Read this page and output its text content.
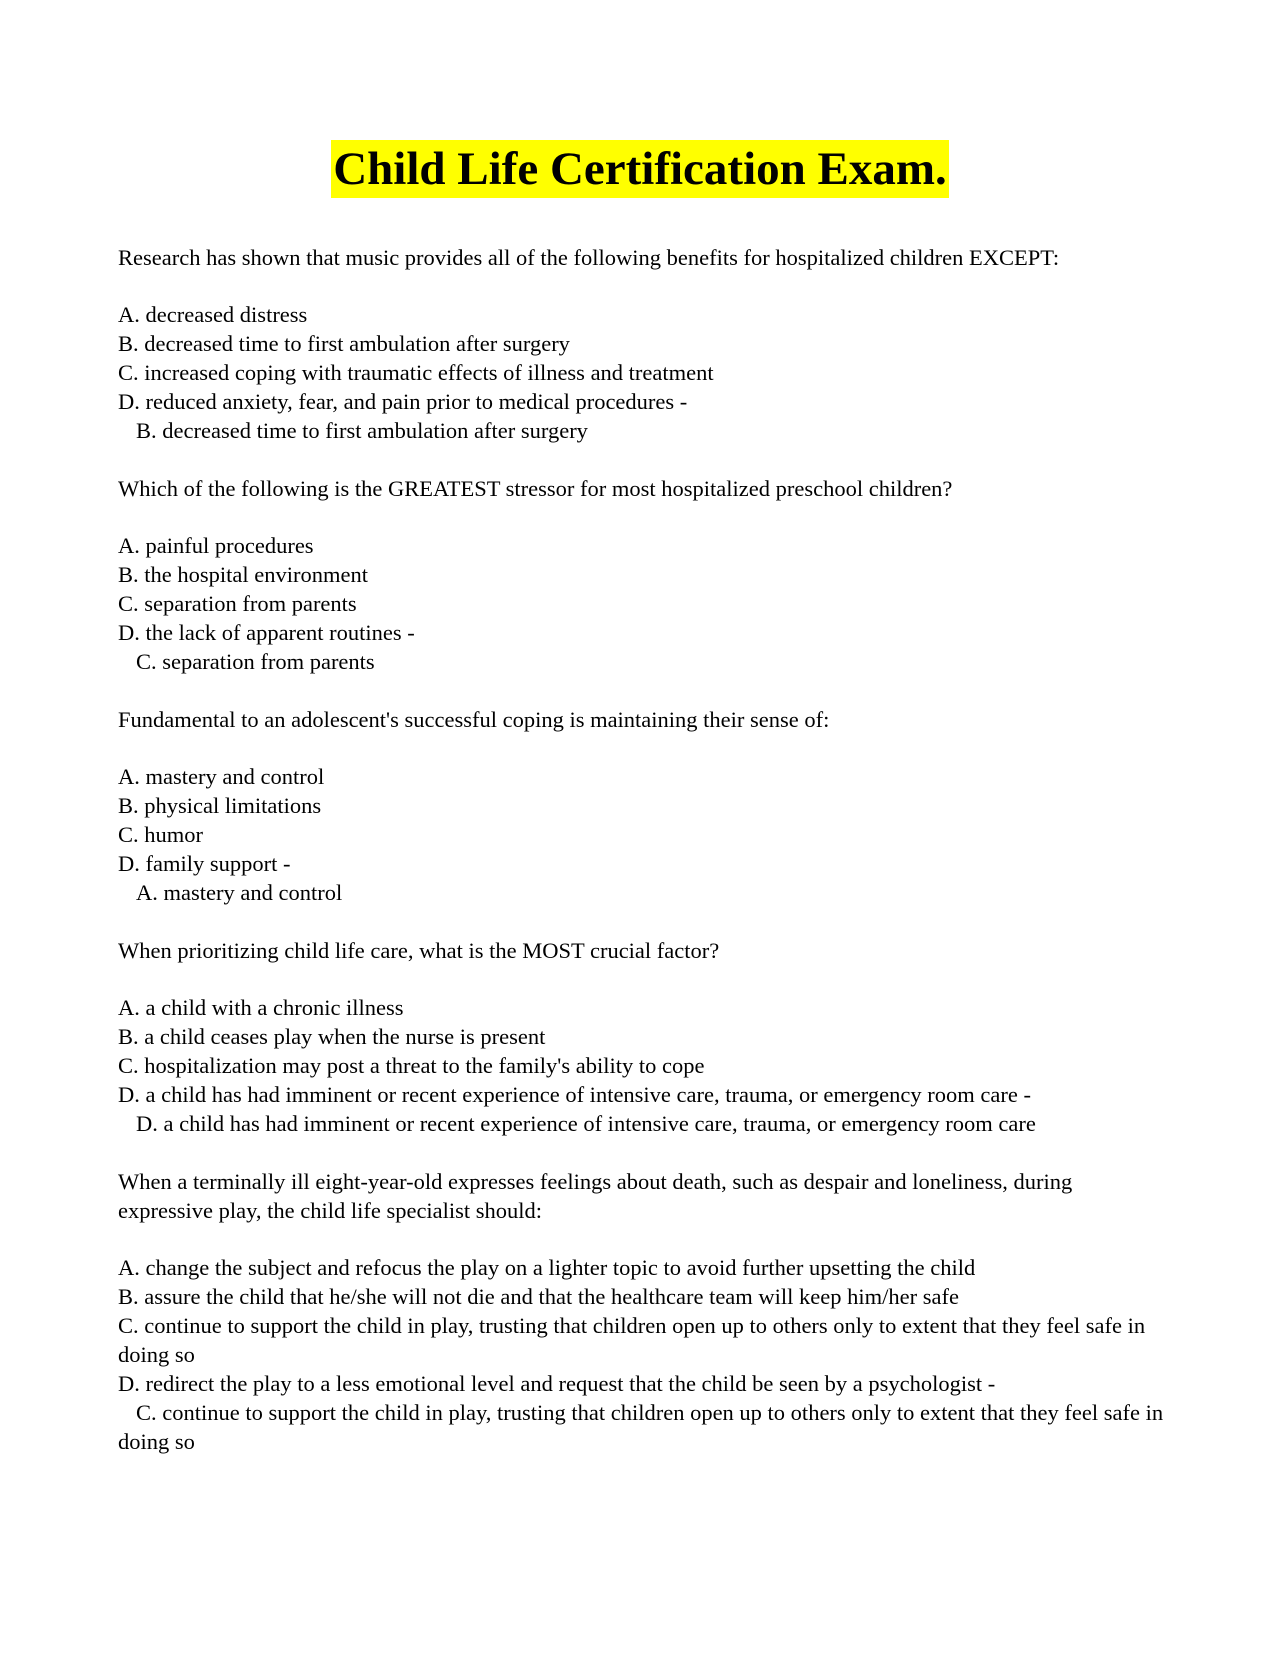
Child Life Certification Exam.

Research has shown that music provides all of the following benefits for hospitalized children EXCEPT:

A. decreased distress

B. decreased time to first ambulation after surgery

C. increased coping with traumatic effects of illness and treatment

D. reduced anxiety, fear, and pain prior to medical procedures -

B. decreased time to first ambulation after surgery

Which of the following is the GREATEST stressor for most hospitalized preschool children?

A. painful procedures

B. the hospital environment

C. separation from parents

D. the lack of apparent routines -

C. separation from parents

Fundamental to an adolescent's successful coping is maintaining their sense of:

A. mastery and control

B. physical limitations

C. humor

D. family support -

A. mastery and control

When prioritizing child life care, what is the MOST crucial factor?

A. a child with a chronic illness

B. a child ceases play when the nurse is present

C. hospitalization may post a threat to the family's ability to cope

D. a child has had imminent or recent experience of intensive care, trauma, or emergency room care -

D. a child has had imminent or recent experience of intensive care, trauma, or emergency room care

When a terminally ill eight-year-old expresses feelings about death, such as despair and loneliness, during expressive play, the child life specialist should:

A. change the subject and refocus the play on a lighter topic to avoid further upsetting the child

B. assure the child that he/she will not die and that the healthcare team will keep him/her safe

C. continue to support the child in play, trusting that children open up to others only to extent that they feel safe in doing so

D. redirect the play to a less emotional level and request that the child be seen by a psychologist -

C. continue to support the child in play, trusting that children open up to others only to extent that they feel safe in doing so
